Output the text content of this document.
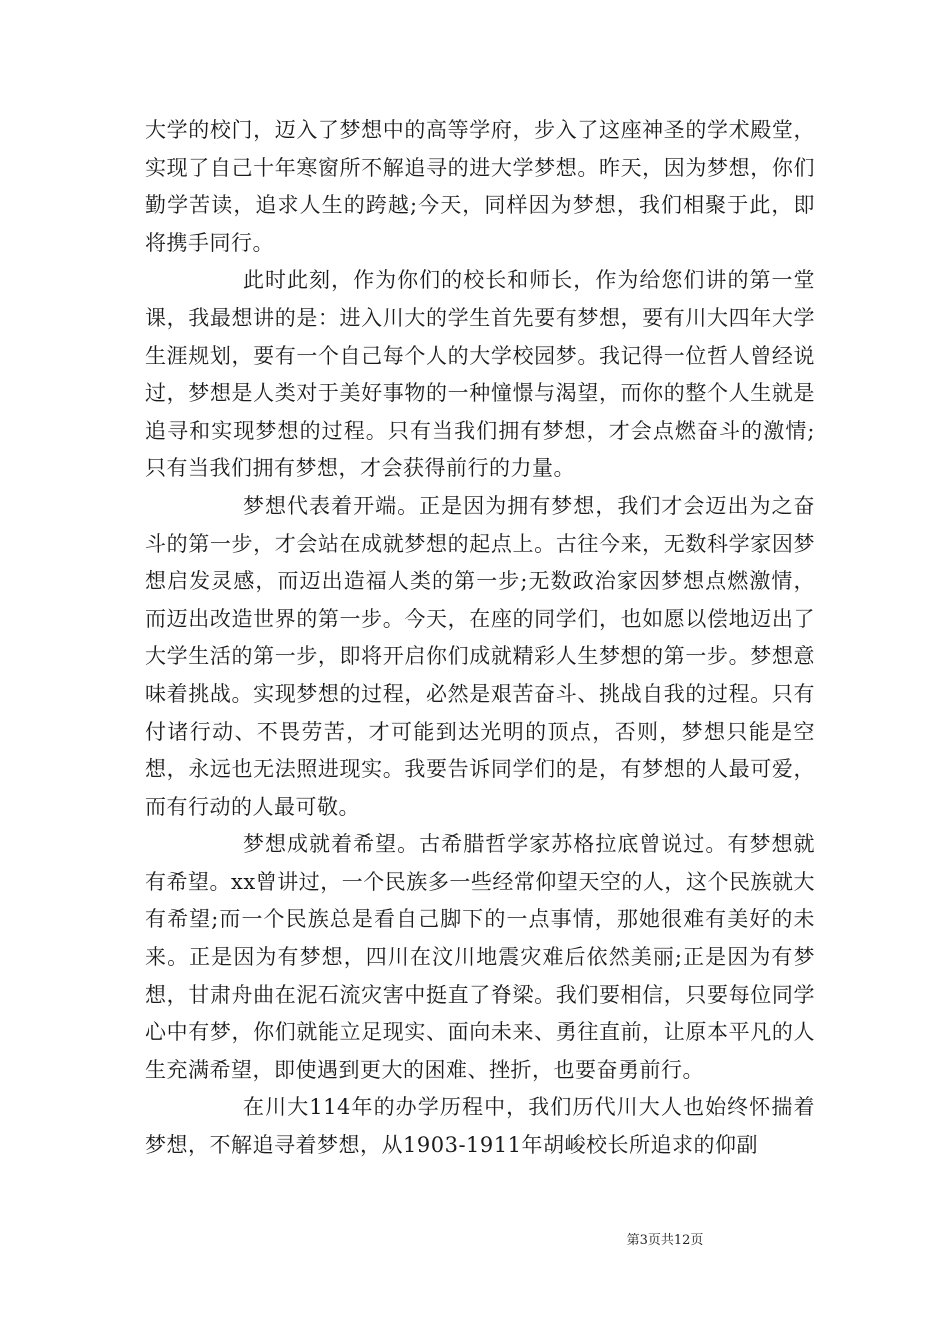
大学的校门，迈入了梦想中的高等学府，步入了这座神圣的学术殿堂，实现了自己十年寒窗所不解追寻的进大学梦想。昨天，因为梦想，你们勤学苦读，追求人生的跨越;今天，同样因为梦想，我们相聚于此，即将携手同行。

此时此刻，作为你们的校长和师长，作为给您们讲的第一堂课，我最想讲的是：进入川大的学生首先要有梦想，要有川大四年大学生涯规划，要有一个自己每个人的大学校园梦。我记得一位哲人曾经说过，梦想是人类对于美好事物的一种憧憬与渴望，而你的整个人生就是追寻和实现梦想的过程。只有当我们拥有梦想，才会点燃奋斗的激情;只有当我们拥有梦想，才会获得前行的力量。

梦想代表着开端。正是因为拥有梦想，我们才会迈出为之奋斗的第一步，才会站在成就梦想的起点上。古往今来，无数科学家因梦想启发灵感，而迈出造福人类的第一步;无数政治家因梦想点燃激情，而迈出改造世界的第一步。今天，在座的同学们，也如愿以偿地迈出了大学生活的第一步，即将开启你们成就精彩人生梦想的第一步。梦想意味着挑战。实现梦想的过程，必然是艰苦奋斗、挑战自我的过程。只有付诸行动、不畏劳苦，才可能到达光明的顶点，否则，梦想只能是空想，永远也无法照进现实。我要告诉同学们的是，有梦想的人最可爱，而有行动的人最可敬。

梦想成就着希望。古希腊哲学家苏格拉底曾说过。有梦想就有希望。xx曾讲过，一个民族多一些经常仰望天空的人，这个民族就大有希望;而一个民族总是看自己脚下的一点事情，那她很难有美好的未来。正是因为有梦想，四川在汶川地震灾难后依然美丽;正是因为有梦想，甘肃舟曲在泥石流灾害中挺直了脊梁。我们要相信，只要每位同学心中有梦，你们就能立足现实、面向未来、勇往直前，让原本平凡的人生充满希望，即使遇到更大的困难、挫折，也要奋勇前行。

在川大114年的办学历程中，我们历代川大人也始终怀揣着梦想，不解追寻着梦想，从1903-1911年胡峻校长所追求的仰副

第3页共12页
